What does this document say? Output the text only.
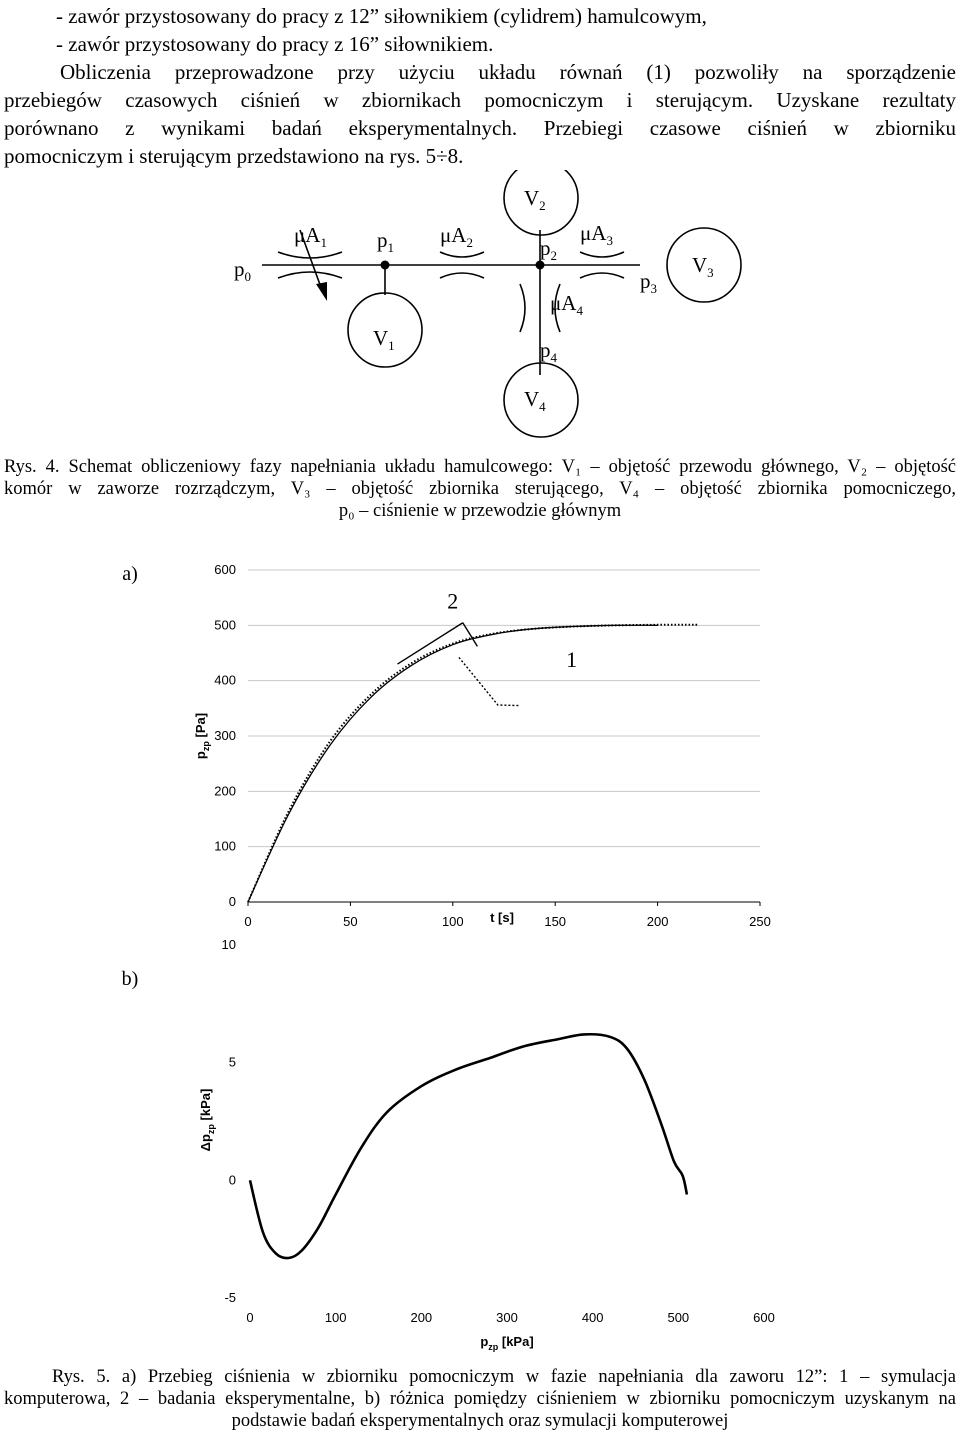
- zawór przystosowany do pracy z 12” siłownikiem (cylidrem) hamulcowym,
- zawór przystosowany do pracy z 16” siłownikiem.
Obliczenia przeprowadzone przy użyciu układu równań (1) pozwoliły na sporządzenie
przebiegów czasowych ciśnień w zbiornikach pomocniczym i sterującym. Uzyskane rezultaty
porównano z wynikami badań eksperymentalnych. Przebiegi czasowe ciśnień w zbiorniku
pomocniczym i sterującym przedstawiono na rys. 5÷8.
$p_0$
$\mu A_1$ $p_1$
$\mu A_2$
$V_2$
$p_2$
$\mu A_3$
$V_3$
$p_3$
$\mu A_4$
$V_1$	$p_4$
$V_4$
Rys. 4. Schemat obliczeniowy fazy napełniania układu hamulcowego: V₁ – objętość przewodu głównego, V₂ – objętość
komór w zaworze rozrządczym, V₃ – objętość zbiornika sterującego, V₄ – objętość zbiornika pomocniczego,
p₀ – ciśnienie w przewodzie głównym
a)
0
100
200
300
400
500
600
0	50	100	150	200	250
t [s]
$p_{zp}$ [Pa]
2
1
b)
-5
0
5
10
0	100	200	300	400	500	600
$p_{zp}$ [kPa]
$\Delta p_{zp}$ [kPa]
Rys. 5. a) Przebieg ciśnienia w zbiorniku pomocniczym w fazie napełniania dla zaworu 12”: 1 – symulacja
komputerowa, 2 – badania eksperymentalne, b) różnica pomiędzy ciśnieniem w zbiorniku pomocniczym uzyskanym na
podstawie badań eksperymentalnych oraz symulacji komputerowej
